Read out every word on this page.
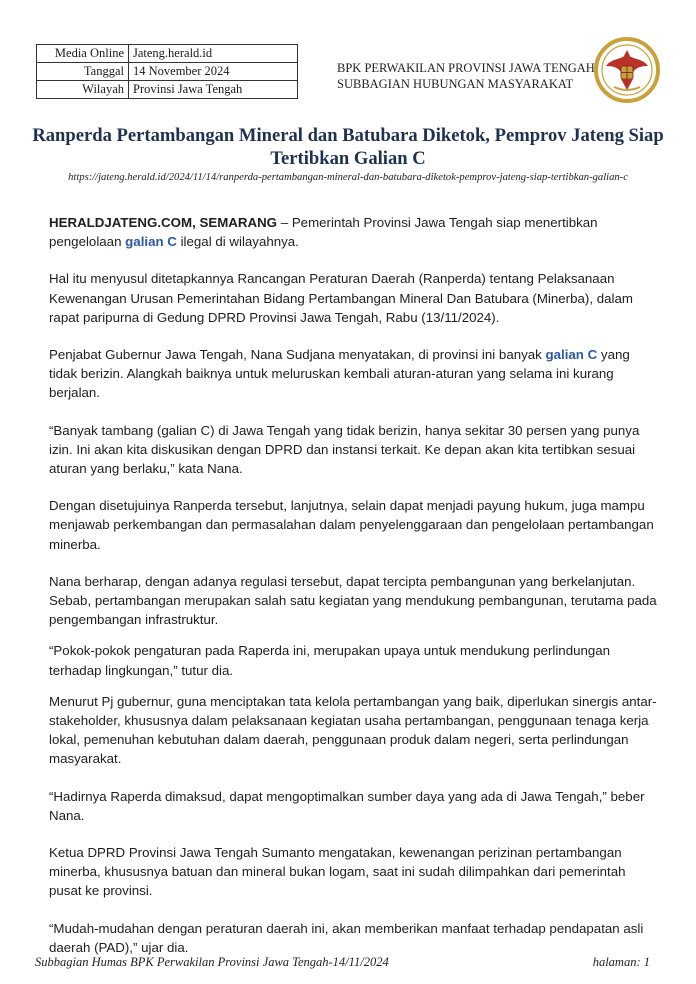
Media Online	Jateng.herald.id
Tanggal	14 November 2024
Wilayah	Provinsi Jawa Tengah
BPK PERWAKILAN PROVINSI JAWA TENGAH
SUBBAGIAN HUBUNGAN MASYARAKAT
Ranperda Pertambangan Mineral dan Batubara Diketok, Pemprov Jateng Siap Tertibkan Galian C
https://jateng.herald.id/2024/11/14/ranperda-pertambangan-mineral-dan-batubara-diketok-pemprov-jateng-siap-tertibkan-galian-c

HERALDJATENG.COM, SEMARANG – Pemerintah Provinsi Jawa Tengah siap menertibkan pengelolaan galian C ilegal di wilayahnya.

Hal itu menyusul ditetapkannya Rancangan Peraturan Daerah (Ranperda) tentang Pelaksanaan Kewenangan Urusan Pemerintahan Bidang Pertambangan Mineral Dan Batubara (Minerba), dalam rapat paripurna di Gedung DPRD Provinsi Jawa Tengah, Rabu (13/11/2024).

Penjabat Gubernur Jawa Tengah, Nana Sudjana menyatakan, di provinsi ini banyak galian C yang tidak berizin. Alangkah baiknya untuk meluruskan kembali aturan-aturan yang selama ini kurang berjalan.

“Banyak tambang (galian C) di Jawa Tengah yang tidak berizin, hanya sekitar 30 persen yang punya izin. Ini akan kita diskusikan dengan DPRD dan instansi terkait. Ke depan akan kita tertibkan sesuai aturan yang berlaku,” kata Nana.

Dengan disetujuinya Ranperda tersebut, lanjutnya, selain dapat menjadi payung hukum, juga mampu menjawab perkembangan dan permasalahan dalam penyelenggaraan dan pengelolaan pertambangan minerba.

Nana berharap, dengan adanya regulasi tersebut, dapat tercipta pembangunan yang berkelanjutan. Sebab, pertambangan merupakan salah satu kegiatan yang mendukung pembangunan, terutama pada pengembangan infrastruktur.

“Pokok-pokok pengaturan pada Raperda ini, merupakan upaya untuk mendukung perlindungan terhadap lingkungan,” tutur dia.

Menurut Pj gubernur, guna menciptakan tata kelola pertambangan yang baik, diperlukan sinergis antar-stakeholder, khususnya dalam pelaksanaan kegiatan usaha pertambangan, penggunaan tenaga kerja lokal, pemenuhan kebutuhan dalam daerah, penggunaan produk dalam negeri, serta perlindungan masyarakat.

“Hadirnya Raperda dimaksud, dapat mengoptimalkan sumber daya yang ada di Jawa Tengah,” beber Nana.

Ketua DPRD Provinsi Jawa Tengah Sumanto mengatakan, kewenangan perizinan pertambangan minerba, khususnya batuan dan mineral bukan logam, saat ini sudah dilimpahkan dari pemerintah pusat ke provinsi.

“Mudah-mudahan dengan peraturan daerah ini, akan memberikan manfaat terhadap pendapatan asli daerah (PAD),” ujar dia.

Subbagian Humas BPK Perwakilan Provinsi Jawa Tengah-14/11/2024	halaman: 1
